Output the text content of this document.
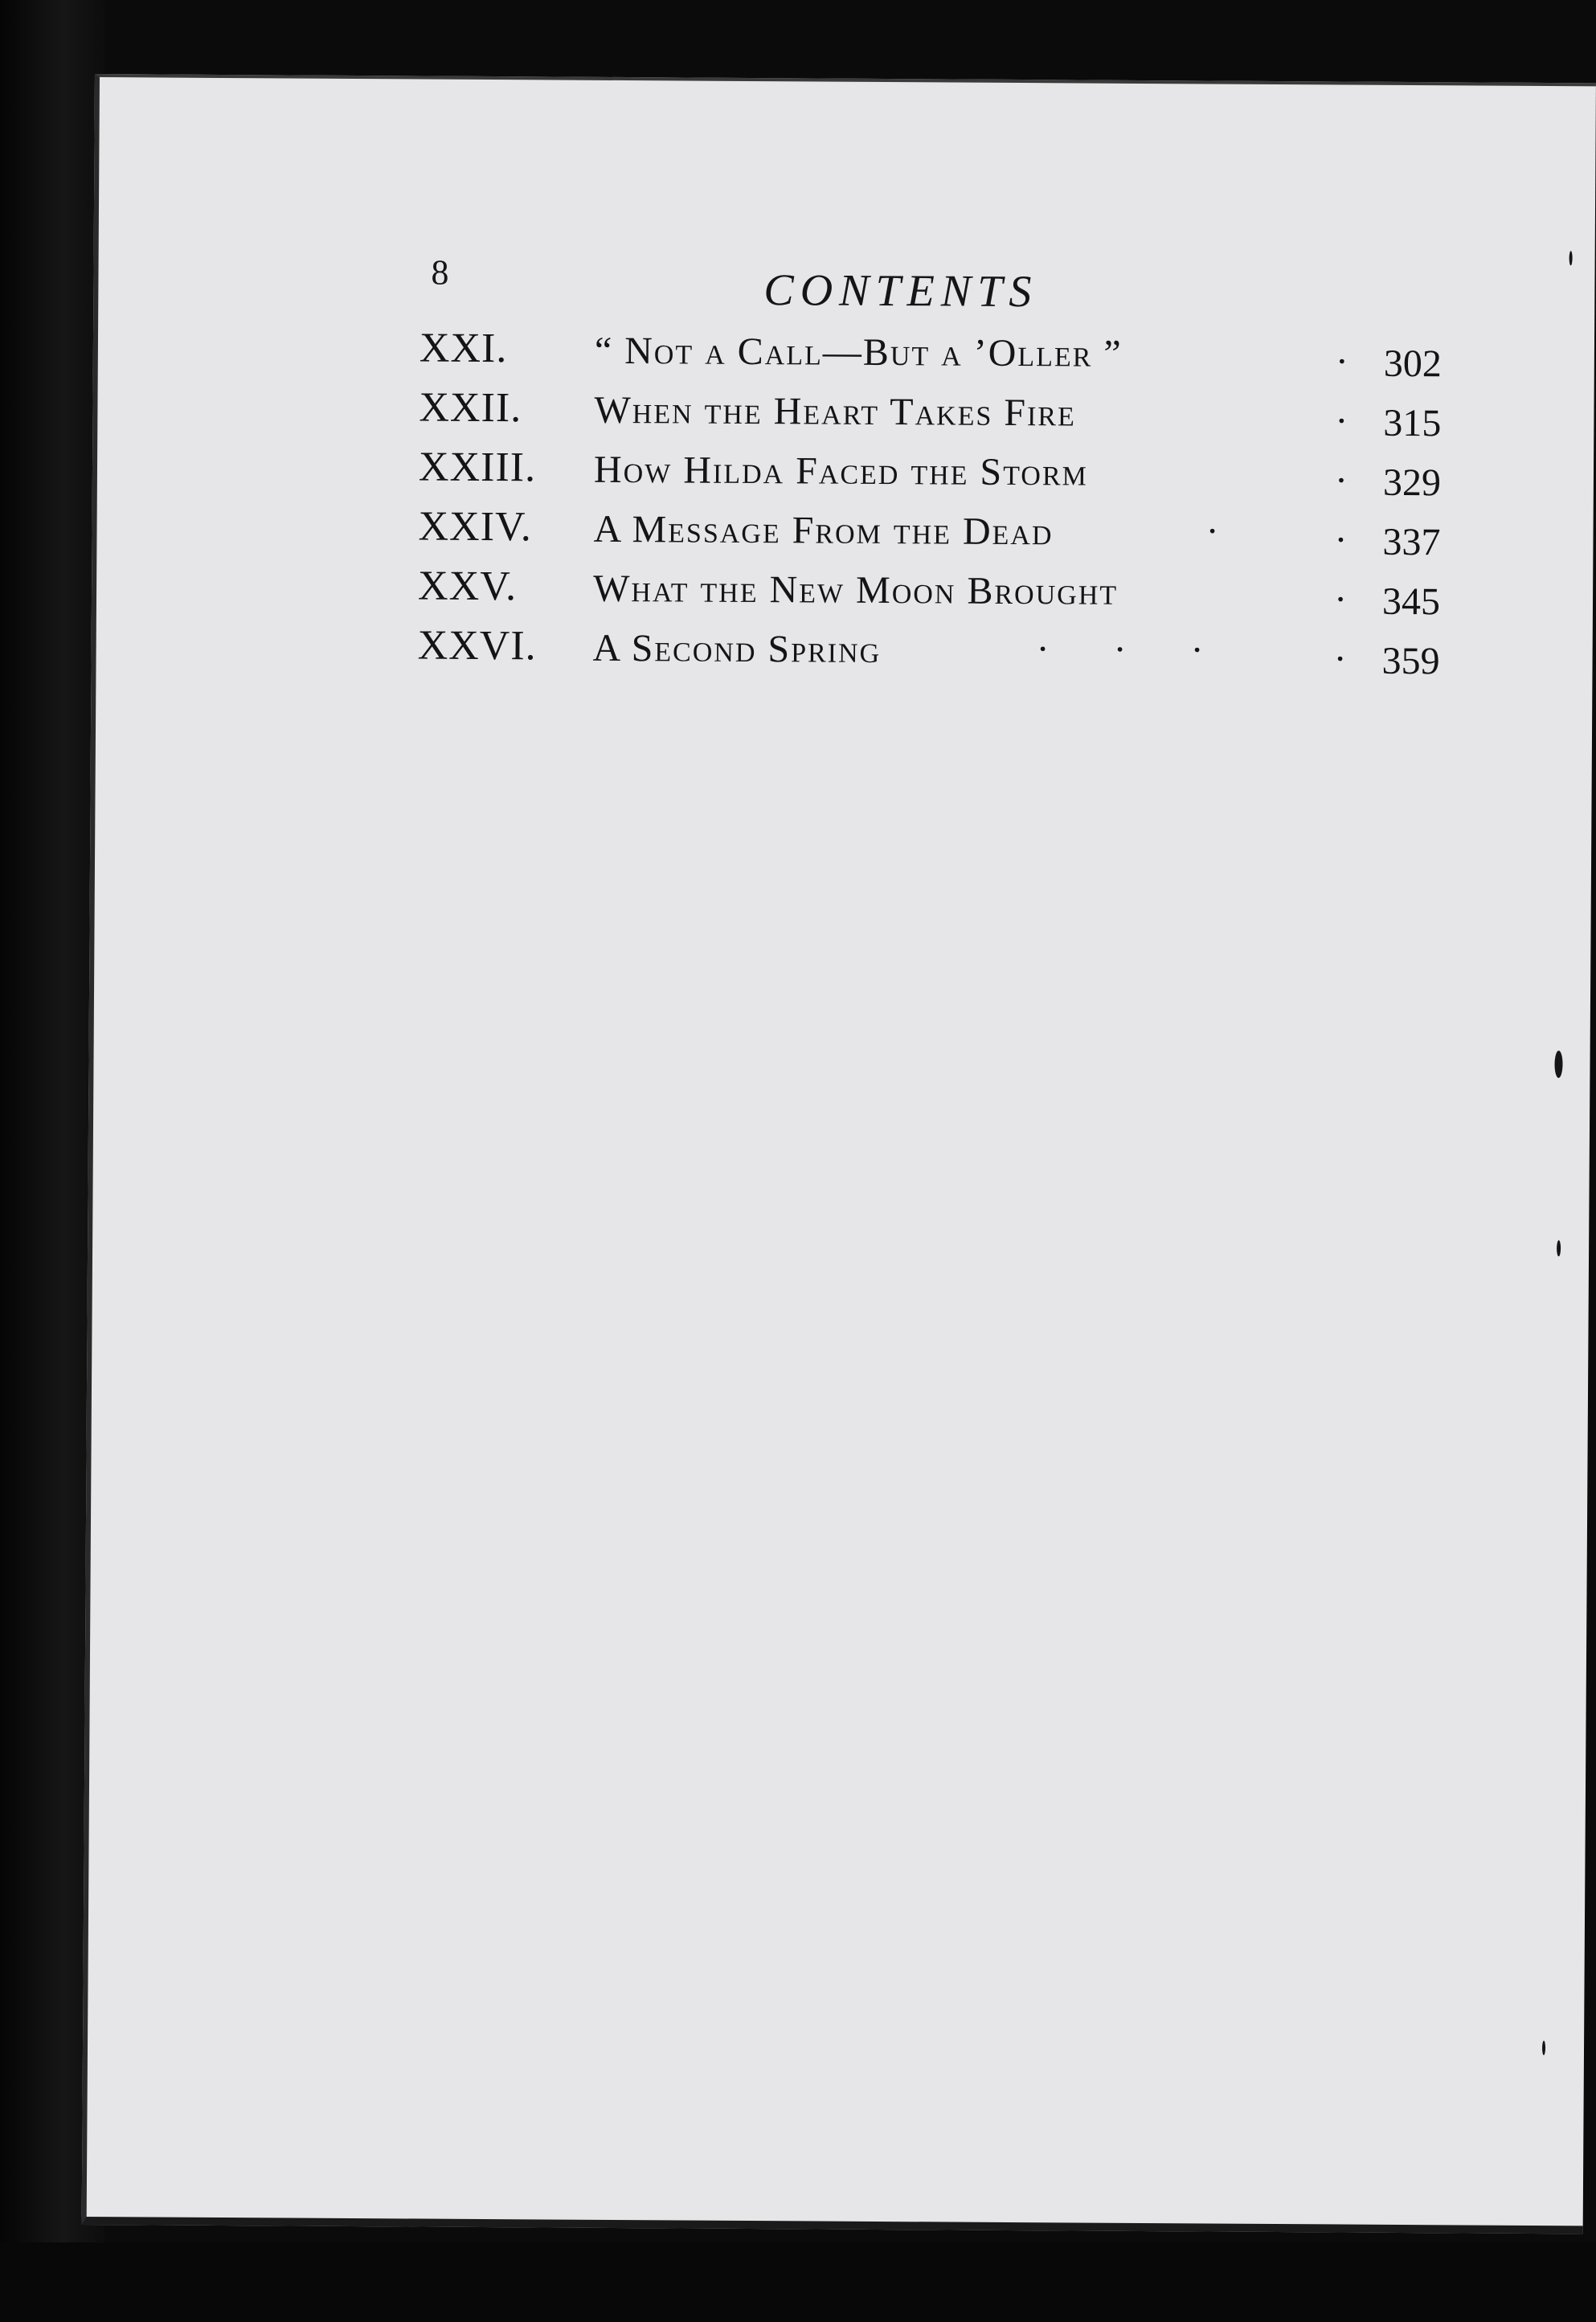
8	CONTENTS
XXI. “ Not a Call—But a ’Oller ”	· 302
XXII. When the Heart Takes Fire	· 315
XXIII. How Hilda Faced the Storm	· 329
XXIV. A Message From the Dead	· · 337
XXV. What the New Moon Brought	· 345
XXVI. A Second Spring	· · ·	· 359
